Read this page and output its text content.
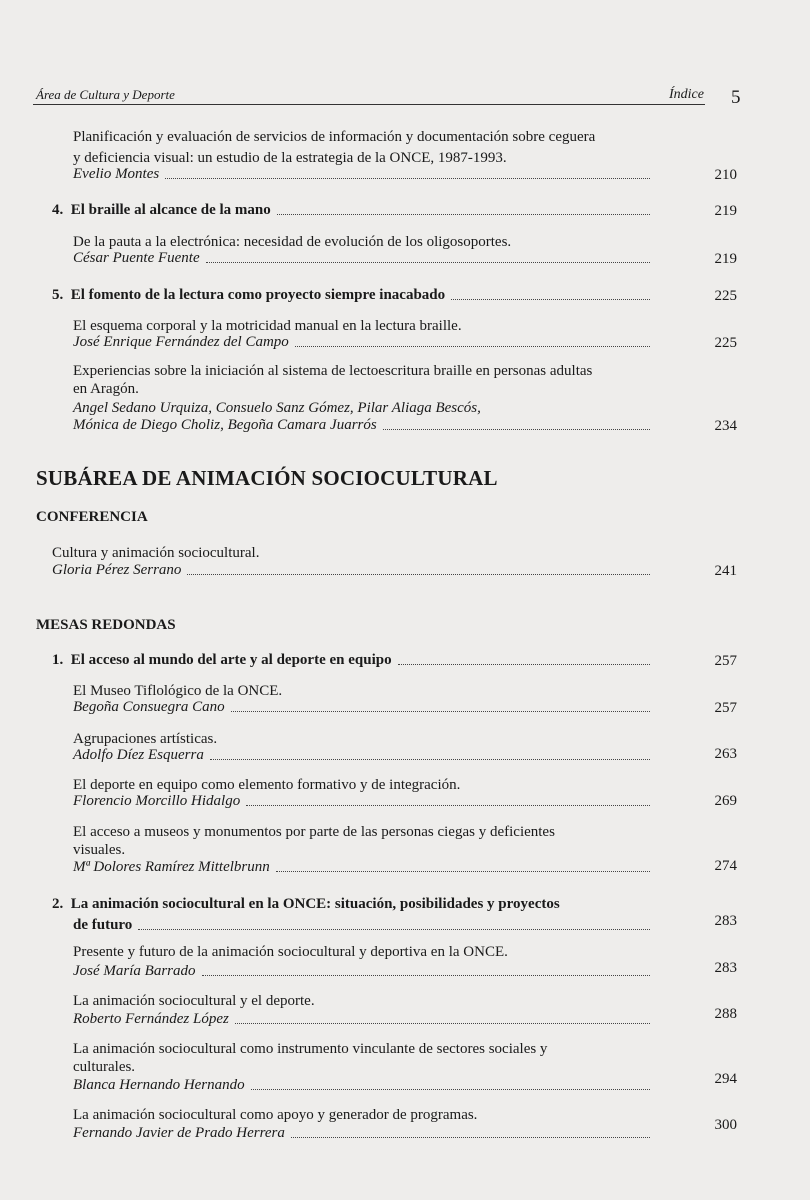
Área de Cultura y Deporte	Índice 5
Planificación y evaluación de servicios de información y documentación sobre ceguera
y deficiencia visual: un estudio de la estrategia de la ONCE, 1987-1993.
Evelio Montes	210
4. El braille al alcance de la mano	219
De la pauta a la electrónica: necesidad de evolución de los oligosoportes.
César Puente Fuente	219
5. El fomento de la lectura como proyecto siempre inacabado	225
El esquema corporal y la motricidad manual en la lectura braille.
José Enrique Fernández del Campo	225
Experiencias sobre la iniciación al sistema de lectoescritura braille en personas adultas
en Aragón.
Angel Sedano Urquiza, Consuelo Sanz Gómez, Pilar Aliaga Bescós,
Mónica de Diego Choliz, Begoña Camara Juarrós	234
SUBÁREA DE ANIMACIÓN SOCIOCULTURAL
CONFERENCIA
Cultura y animación sociocultural.
Gloria Pérez Serrano	241
MESAS REDONDAS
1. El acceso al mundo del arte y al deporte en equipo	257
El Museo Tiflológico de la ONCE.
Begoña Consuegra Cano	257
Agrupaciones artísticas.
Adolfo Díez Esquerra	263
El deporte en equipo como elemento formativo y de integración.
Florencio Morcillo Hidalgo	269
El acceso a museos y monumentos por parte de las personas ciegas y deficientes
visuales.
Mª Dolores Ramírez Mittelbrunn	274
2. La animación sociocultural en la ONCE: situación, posibilidades y proyectos
de futuro	283
Presente y futuro de la animación sociocultural y deportiva en la ONCE.
José María Barrado	283
La animación sociocultural y el deporte.
Roberto Fernández López	288
La animación sociocultural como instrumento vinculante de sectores sociales y
culturales.
Blanca Hernando Hernando	294
La animación sociocultural como apoyo y generador de programas.
Fernando Javier de Prado Herrera	300
